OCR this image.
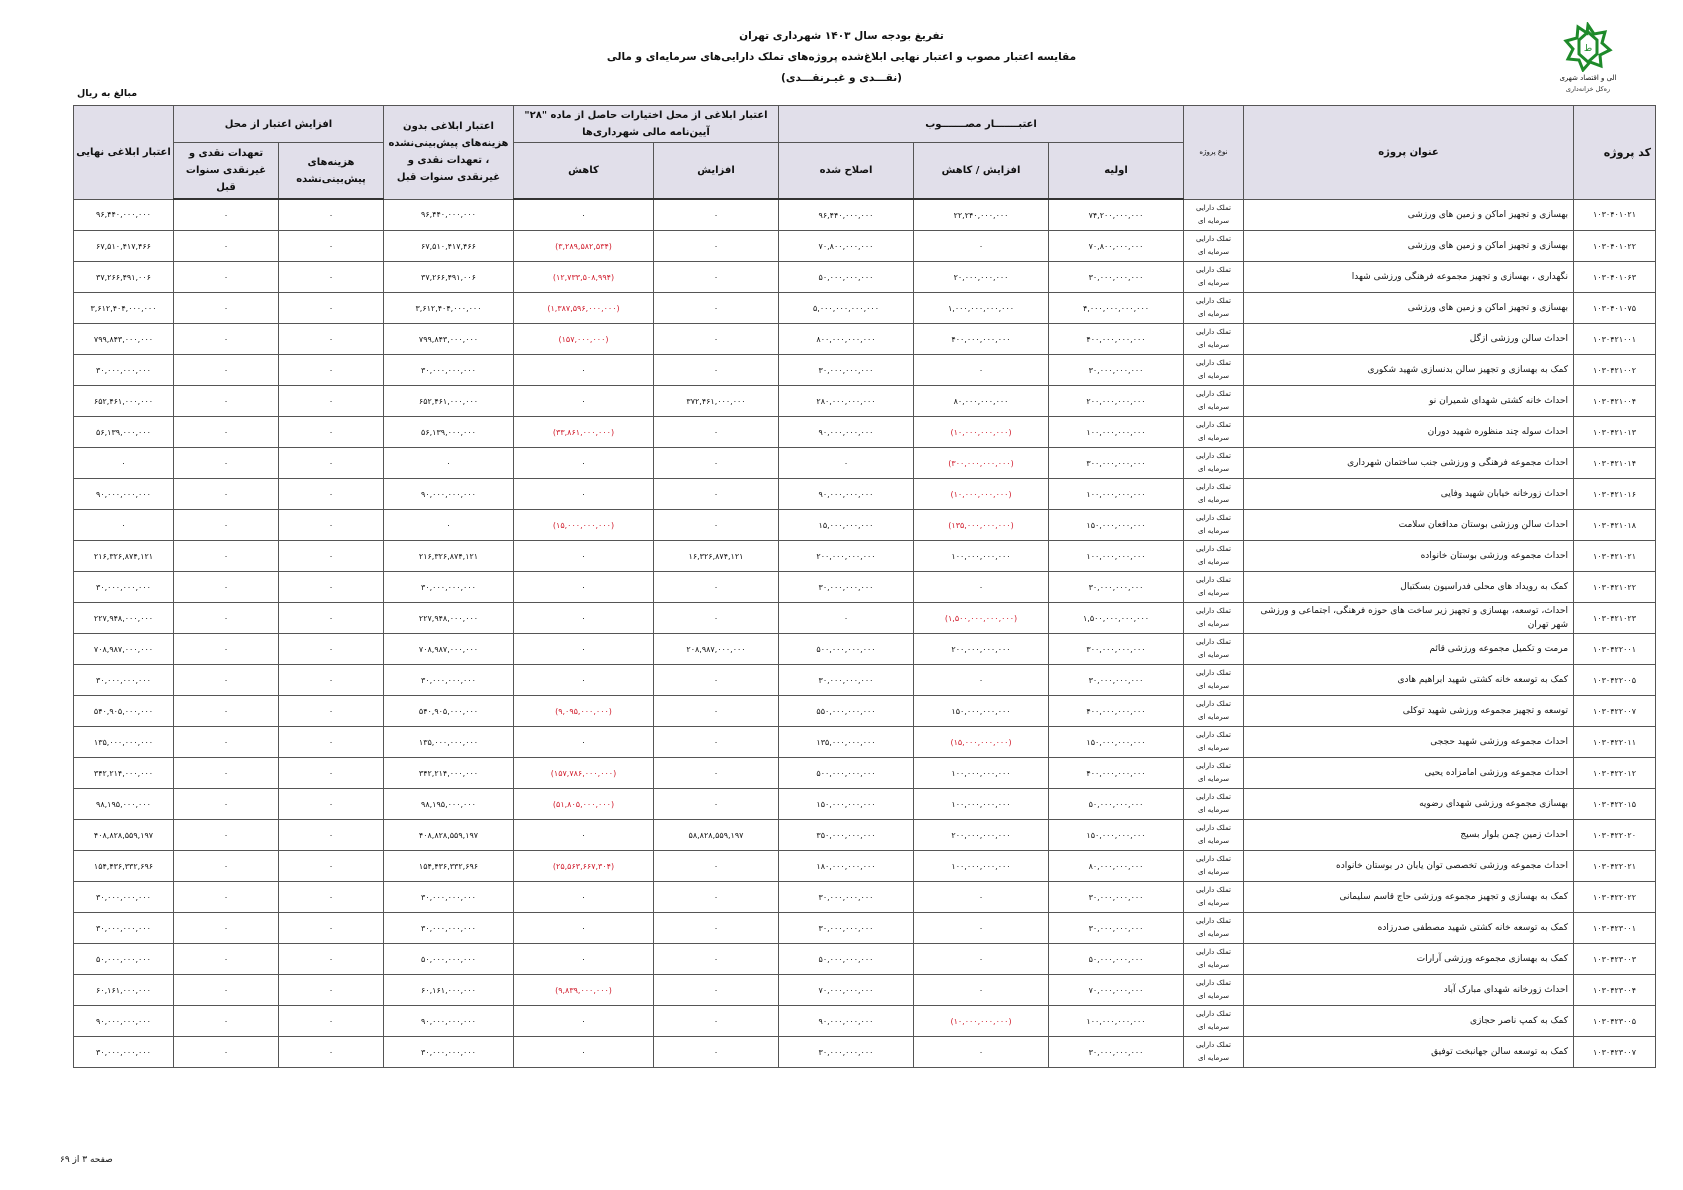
تفریغ بودجه سال ۱۴۰۳ شهرداری تهران
مقایسه اعتبار مصوب و اعتبار نهایی ابلاغ‌شده پروژه‌های تملک دارایی‌های سرمایه‌ای و مالی
(نقـــدی و غیـرنقـــدی)
ط
الی و اقتصاد شهری
رەکل خزانەداری
مبالغ به ریال
کد پروژه	عنوان پروژه	نوع پروژه	اعتبـــــــار مصـــــــوب			اعتبار ابلاغی از محل اختیارات حاصل از ماده "۲۸" آیین‌نامه مالی شهرداری‌ها		اعتبار ابلاغی بدون هزینه‌های پیش‌بینی‌نشده ، تعهدات نقدی و غیرنقدی سنوات قبل	افزایش اعتبار از محل		اعتبار ابلاغی نهایی
			اولیه	افزایش / کاهش	اصلاح شده	افزایش	کاهش		هزینه‌های پیش‌بینی‌نشده	تعهدات نقدی و غیرنقدی سنوات قبل	
۱۰۳۰۴۰۱۰۲۱	بهسازی و تجهیز اماکن و زمین های ورزشی	تملک دارایی سرمایه ای	۷۴,۲۰۰,۰۰۰,۰۰۰	۲۲,۲۴۰,۰۰۰,۰۰۰	۹۶,۴۴۰,۰۰۰,۰۰۰	۰	۰	۹۶,۴۴۰,۰۰۰,۰۰۰	۰	۰	۹۶,۴۴۰,۰۰۰,۰۰۰
۱۰۳۰۴۰۱۰۲۲	بهسازی و تجهیز اماکن و زمین های ورزشی	تملک دارایی سرمایه ای	۷۰,۸۰۰,۰۰۰,۰۰۰	۰	۷۰,۸۰۰,۰۰۰,۰۰۰	۰	(۳,۲۸۹,۵۸۲,۵۳۴)	۶۷,۵۱۰,۴۱۷,۴۶۶	۰	۰	۶۷,۵۱۰,۴۱۷,۴۶۶
۱۰۳۰۴۰۱۰۶۳	نگهداری ، بهسازی و تجهیز مجموعه فرهنگی ورزشی شهدا	تملک دارایی سرمایه ای	۳۰,۰۰۰,۰۰۰,۰۰۰	۲۰,۰۰۰,۰۰۰,۰۰۰	۵۰,۰۰۰,۰۰۰,۰۰۰	۰	(۱۲,۷۳۳,۵۰۸,۹۹۴)	۳۷,۲۶۶,۴۹۱,۰۰۶	۰	۰	۳۷,۲۶۶,۴۹۱,۰۰۶
۱۰۳۰۴۰۱۰۷۵	بهسازی و تجهیز اماکن و زمین های ورزشی	تملک دارایی سرمایه ای	۴,۰۰۰,۰۰۰,۰۰۰,۰۰۰	۱,۰۰۰,۰۰۰,۰۰۰,۰۰۰	۵,۰۰۰,۰۰۰,۰۰۰,۰۰۰	۰	(۱,۳۸۷,۵۹۶,۰۰۰,۰۰۰)	۳,۶۱۲,۴۰۴,۰۰۰,۰۰۰	۰	۰	۳,۶۱۲,۴۰۴,۰۰۰,۰۰۰
۱۰۳۰۴۲۱۰۰۱	احداث سالن ورزشی ازگل	تملک دارایی سرمایه ای	۴۰۰,۰۰۰,۰۰۰,۰۰۰	۴۰۰,۰۰۰,۰۰۰,۰۰۰	۸۰۰,۰۰۰,۰۰۰,۰۰۰	۰	(۱۵۷,۰۰۰,۰۰۰)	۷۹۹,۸۴۳,۰۰۰,۰۰۰	۰	۰	۷۹۹,۸۴۳,۰۰۰,۰۰۰
۱۰۳۰۴۲۱۰۰۲	کمک به بهسازی و تجهیز سالن بدنسازی شهید شکوری	تملک دارایی سرمایه ای	۳۰,۰۰۰,۰۰۰,۰۰۰	۰	۳۰,۰۰۰,۰۰۰,۰۰۰	۰	۰	۳۰,۰۰۰,۰۰۰,۰۰۰	۰	۰	۳۰,۰۰۰,۰۰۰,۰۰۰
۱۰۳۰۴۲۱۰۰۴	احداث خانه کشتی شهدای شمیران نو	تملک دارایی سرمایه ای	۲۰۰,۰۰۰,۰۰۰,۰۰۰	۸۰,۰۰۰,۰۰۰,۰۰۰	۲۸۰,۰۰۰,۰۰۰,۰۰۰	۳۷۲,۴۶۱,۰۰۰,۰۰۰	۰	۶۵۲,۴۶۱,۰۰۰,۰۰۰	۰	۰	۶۵۲,۴۶۱,۰۰۰,۰۰۰
۱۰۳۰۴۲۱۰۱۳	احداث سوله چند منظوره شهید دوران	تملک دارایی سرمایه ای	۱۰۰,۰۰۰,۰۰۰,۰۰۰	(۱۰,۰۰۰,۰۰۰,۰۰۰)	۹۰,۰۰۰,۰۰۰,۰۰۰	۰	(۳۳,۸۶۱,۰۰۰,۰۰۰)	۵۶,۱۳۹,۰۰۰,۰۰۰	۰	۰	۵۶,۱۳۹,۰۰۰,۰۰۰
۱۰۳۰۴۲۱۰۱۴	احداث مجموعه فرهنگی و ورزشی جنب ساختمان شهرداری	تملک دارایی سرمایه ای	۳۰۰,۰۰۰,۰۰۰,۰۰۰	(۳۰۰,۰۰۰,۰۰۰,۰۰۰)	۰	۰	۰	۰	۰	۰	۰
۱۰۳۰۴۲۱۰۱۶	احداث زورخانه خیابان شهید وفایی	تملک دارایی سرمایه ای	۱۰۰,۰۰۰,۰۰۰,۰۰۰	(۱۰,۰۰۰,۰۰۰,۰۰۰)	۹۰,۰۰۰,۰۰۰,۰۰۰	۰	۰	۹۰,۰۰۰,۰۰۰,۰۰۰	۰	۰	۹۰,۰۰۰,۰۰۰,۰۰۰
۱۰۳۰۴۲۱۰۱۸	احداث سالن ورزشی بوستان مدافعان سلامت	تملک دارایی سرمایه ای	۱۵۰,۰۰۰,۰۰۰,۰۰۰	(۱۳۵,۰۰۰,۰۰۰,۰۰۰)	۱۵,۰۰۰,۰۰۰,۰۰۰	۰	(۱۵,۰۰۰,۰۰۰,۰۰۰)	۰	۰	۰	۰
۱۰۳۰۴۲۱۰۲۱	احداث مجموعه ورزشی بوستان خانواده	تملک دارایی سرمایه ای	۱۰۰,۰۰۰,۰۰۰,۰۰۰	۱۰۰,۰۰۰,۰۰۰,۰۰۰	۲۰۰,۰۰۰,۰۰۰,۰۰۰	۱۶,۳۲۶,۸۷۴,۱۲۱	۰	۲۱۶,۳۲۶,۸۷۴,۱۲۱	۰	۰	۲۱۶,۳۲۶,۸۷۴,۱۲۱
۱۰۳۰۴۲۱۰۲۲	کمک به رویداد های محلی فدراسیون بسکتبال	تملک دارایی سرمایه ای	۳۰,۰۰۰,۰۰۰,۰۰۰	۰	۳۰,۰۰۰,۰۰۰,۰۰۰	۰	۰	۳۰,۰۰۰,۰۰۰,۰۰۰	۰	۰	۳۰,۰۰۰,۰۰۰,۰۰۰
۱۰۳۰۴۲۱۰۲۳	احداث، توسعه، بهسازی و تجهیز زیر ساخت های حوزه فرهنگی، اجتماعی و ورزشی شهر تهران	تملک دارایی سرمایه ای	۱,۵۰۰,۰۰۰,۰۰۰,۰۰۰	(۱,۵۰۰,۰۰۰,۰۰۰,۰۰۰)	۰	۰	۰	۲۲۷,۹۴۸,۰۰۰,۰۰۰	۰	۰	۲۲۷,۹۴۸,۰۰۰,۰۰۰
۱۰۳۰۴۲۲۰۰۱	مرمت و تکمیل مجموعه ورزشی قائم	تملک دارایی سرمایه ای	۳۰۰,۰۰۰,۰۰۰,۰۰۰	۲۰۰,۰۰۰,۰۰۰,۰۰۰	۵۰۰,۰۰۰,۰۰۰,۰۰۰	۲۰۸,۹۸۷,۰۰۰,۰۰۰	۰	۷۰۸,۹۸۷,۰۰۰,۰۰۰	۰	۰	۷۰۸,۹۸۷,۰۰۰,۰۰۰
۱۰۳۰۴۲۲۰۰۵	کمک به توسعه خانه کشتی شهید ابراهیم هادی	تملک دارایی سرمایه ای	۳۰,۰۰۰,۰۰۰,۰۰۰	۰	۳۰,۰۰۰,۰۰۰,۰۰۰	۰	۰	۳۰,۰۰۰,۰۰۰,۰۰۰	۰	۰	۳۰,۰۰۰,۰۰۰,۰۰۰
۱۰۳۰۴۲۲۰۰۷	توسعه و تجهیز مجموعه ورزشی شهید توکلی	تملک دارایی سرمایه ای	۴۰۰,۰۰۰,۰۰۰,۰۰۰	۱۵۰,۰۰۰,۰۰۰,۰۰۰	۵۵۰,۰۰۰,۰۰۰,۰۰۰	۰	(۹,۰۹۵,۰۰۰,۰۰۰)	۵۴۰,۹۰۵,۰۰۰,۰۰۰	۰	۰	۵۴۰,۹۰۵,۰۰۰,۰۰۰
۱۰۳۰۴۲۲۰۱۱	احداث مجموعه ورزشی شهید حججی	تملک دارایی سرمایه ای	۱۵۰,۰۰۰,۰۰۰,۰۰۰	(۱۵,۰۰۰,۰۰۰,۰۰۰)	۱۳۵,۰۰۰,۰۰۰,۰۰۰	۰	۰	۱۳۵,۰۰۰,۰۰۰,۰۰۰	۰	۰	۱۳۵,۰۰۰,۰۰۰,۰۰۰
۱۰۳۰۴۲۲۰۱۲	احداث مجموعه ورزشی امامزاده یحیی	تملک دارایی سرمایه ای	۴۰۰,۰۰۰,۰۰۰,۰۰۰	۱۰۰,۰۰۰,۰۰۰,۰۰۰	۵۰۰,۰۰۰,۰۰۰,۰۰۰	۰	(۱۵۷,۷۸۶,۰۰۰,۰۰۰)	۳۴۲,۲۱۴,۰۰۰,۰۰۰	۰	۰	۳۴۲,۲۱۴,۰۰۰,۰۰۰
۱۰۳۰۴۲۲۰۱۵	بهسازی مجموعه ورزشی شهدای رضویه	تملک دارایی سرمایه ای	۵۰,۰۰۰,۰۰۰,۰۰۰	۱۰۰,۰۰۰,۰۰۰,۰۰۰	۱۵۰,۰۰۰,۰۰۰,۰۰۰	۰	(۵۱,۸۰۵,۰۰۰,۰۰۰)	۹۸,۱۹۵,۰۰۰,۰۰۰	۰	۰	۹۸,۱۹۵,۰۰۰,۰۰۰
۱۰۳۰۴۲۲۰۲۰	احداث زمین چمن بلوار بسیج	تملک دارایی سرمایه ای	۱۵۰,۰۰۰,۰۰۰,۰۰۰	۲۰۰,۰۰۰,۰۰۰,۰۰۰	۳۵۰,۰۰۰,۰۰۰,۰۰۰	۵۸,۸۲۸,۵۵۹,۱۹۷	۰	۴۰۸,۸۲۸,۵۵۹,۱۹۷	۰	۰	۴۰۸,۸۲۸,۵۵۹,۱۹۷
۱۰۳۰۴۲۲۰۲۱	احداث مجموعه ورزشی تخصصی توان یابان در بوستان خانواده	تملک دارایی سرمایه ای	۸۰,۰۰۰,۰۰۰,۰۰۰	۱۰۰,۰۰۰,۰۰۰,۰۰۰	۱۸۰,۰۰۰,۰۰۰,۰۰۰	۰	(۲۵,۵۶۳,۶۶۷,۳۰۴)	۱۵۴,۴۳۶,۳۳۲,۶۹۶	۰	۰	۱۵۴,۴۳۶,۳۳۲,۶۹۶
۱۰۳۰۴۲۲۰۲۲	کمک به بهسازی و تجهیز مجموعه ورزشی حاج قاسم سلیمانی	تملک دارایی سرمایه ای	۳۰,۰۰۰,۰۰۰,۰۰۰	۰	۳۰,۰۰۰,۰۰۰,۰۰۰	۰	۰	۳۰,۰۰۰,۰۰۰,۰۰۰	۰	۰	۳۰,۰۰۰,۰۰۰,۰۰۰
۱۰۳۰۴۲۳۰۰۱	کمک به توسعه خانه کشتی شهید مصطفی صدرزاده	تملک دارایی سرمایه ای	۳۰,۰۰۰,۰۰۰,۰۰۰	۰	۳۰,۰۰۰,۰۰۰,۰۰۰	۰	۰	۳۰,۰۰۰,۰۰۰,۰۰۰	۰	۰	۳۰,۰۰۰,۰۰۰,۰۰۰
۱۰۳۰۴۲۳۰۰۳	کمک به بهسازی مجموعه ورزشی آرارات	تملک دارایی سرمایه ای	۵۰,۰۰۰,۰۰۰,۰۰۰	۰	۵۰,۰۰۰,۰۰۰,۰۰۰	۰	۰	۵۰,۰۰۰,۰۰۰,۰۰۰	۰	۰	۵۰,۰۰۰,۰۰۰,۰۰۰
۱۰۳۰۴۲۳۰۰۴	احداث زورخانه شهدای مبارک آباد	تملک دارایی سرمایه ای	۷۰,۰۰۰,۰۰۰,۰۰۰	۰	۷۰,۰۰۰,۰۰۰,۰۰۰	۰	(۹,۸۳۹,۰۰۰,۰۰۰)	۶۰,۱۶۱,۰۰۰,۰۰۰	۰	۰	۶۰,۱۶۱,۰۰۰,۰۰۰
۱۰۳۰۴۲۳۰۰۵	کمک به کمپ ناصر حجازی	تملک دارایی سرمایه ای	۱۰۰,۰۰۰,۰۰۰,۰۰۰	(۱۰,۰۰۰,۰۰۰,۰۰۰)	۹۰,۰۰۰,۰۰۰,۰۰۰	۰	۰	۹۰,۰۰۰,۰۰۰,۰۰۰	۰	۰	۹۰,۰۰۰,۰۰۰,۰۰۰
۱۰۳۰۴۲۳۰۰۷	کمک به توسعه سالن جهانبخت توفیق	تملک دارایی سرمایه ای	۳۰,۰۰۰,۰۰۰,۰۰۰	۰	۳۰,۰۰۰,۰۰۰,۰۰۰	۰	۰	۳۰,۰۰۰,۰۰۰,۰۰۰	۰	۰	۳۰,۰۰۰,۰۰۰,۰۰۰
صفحه ۳ از ۶۹
